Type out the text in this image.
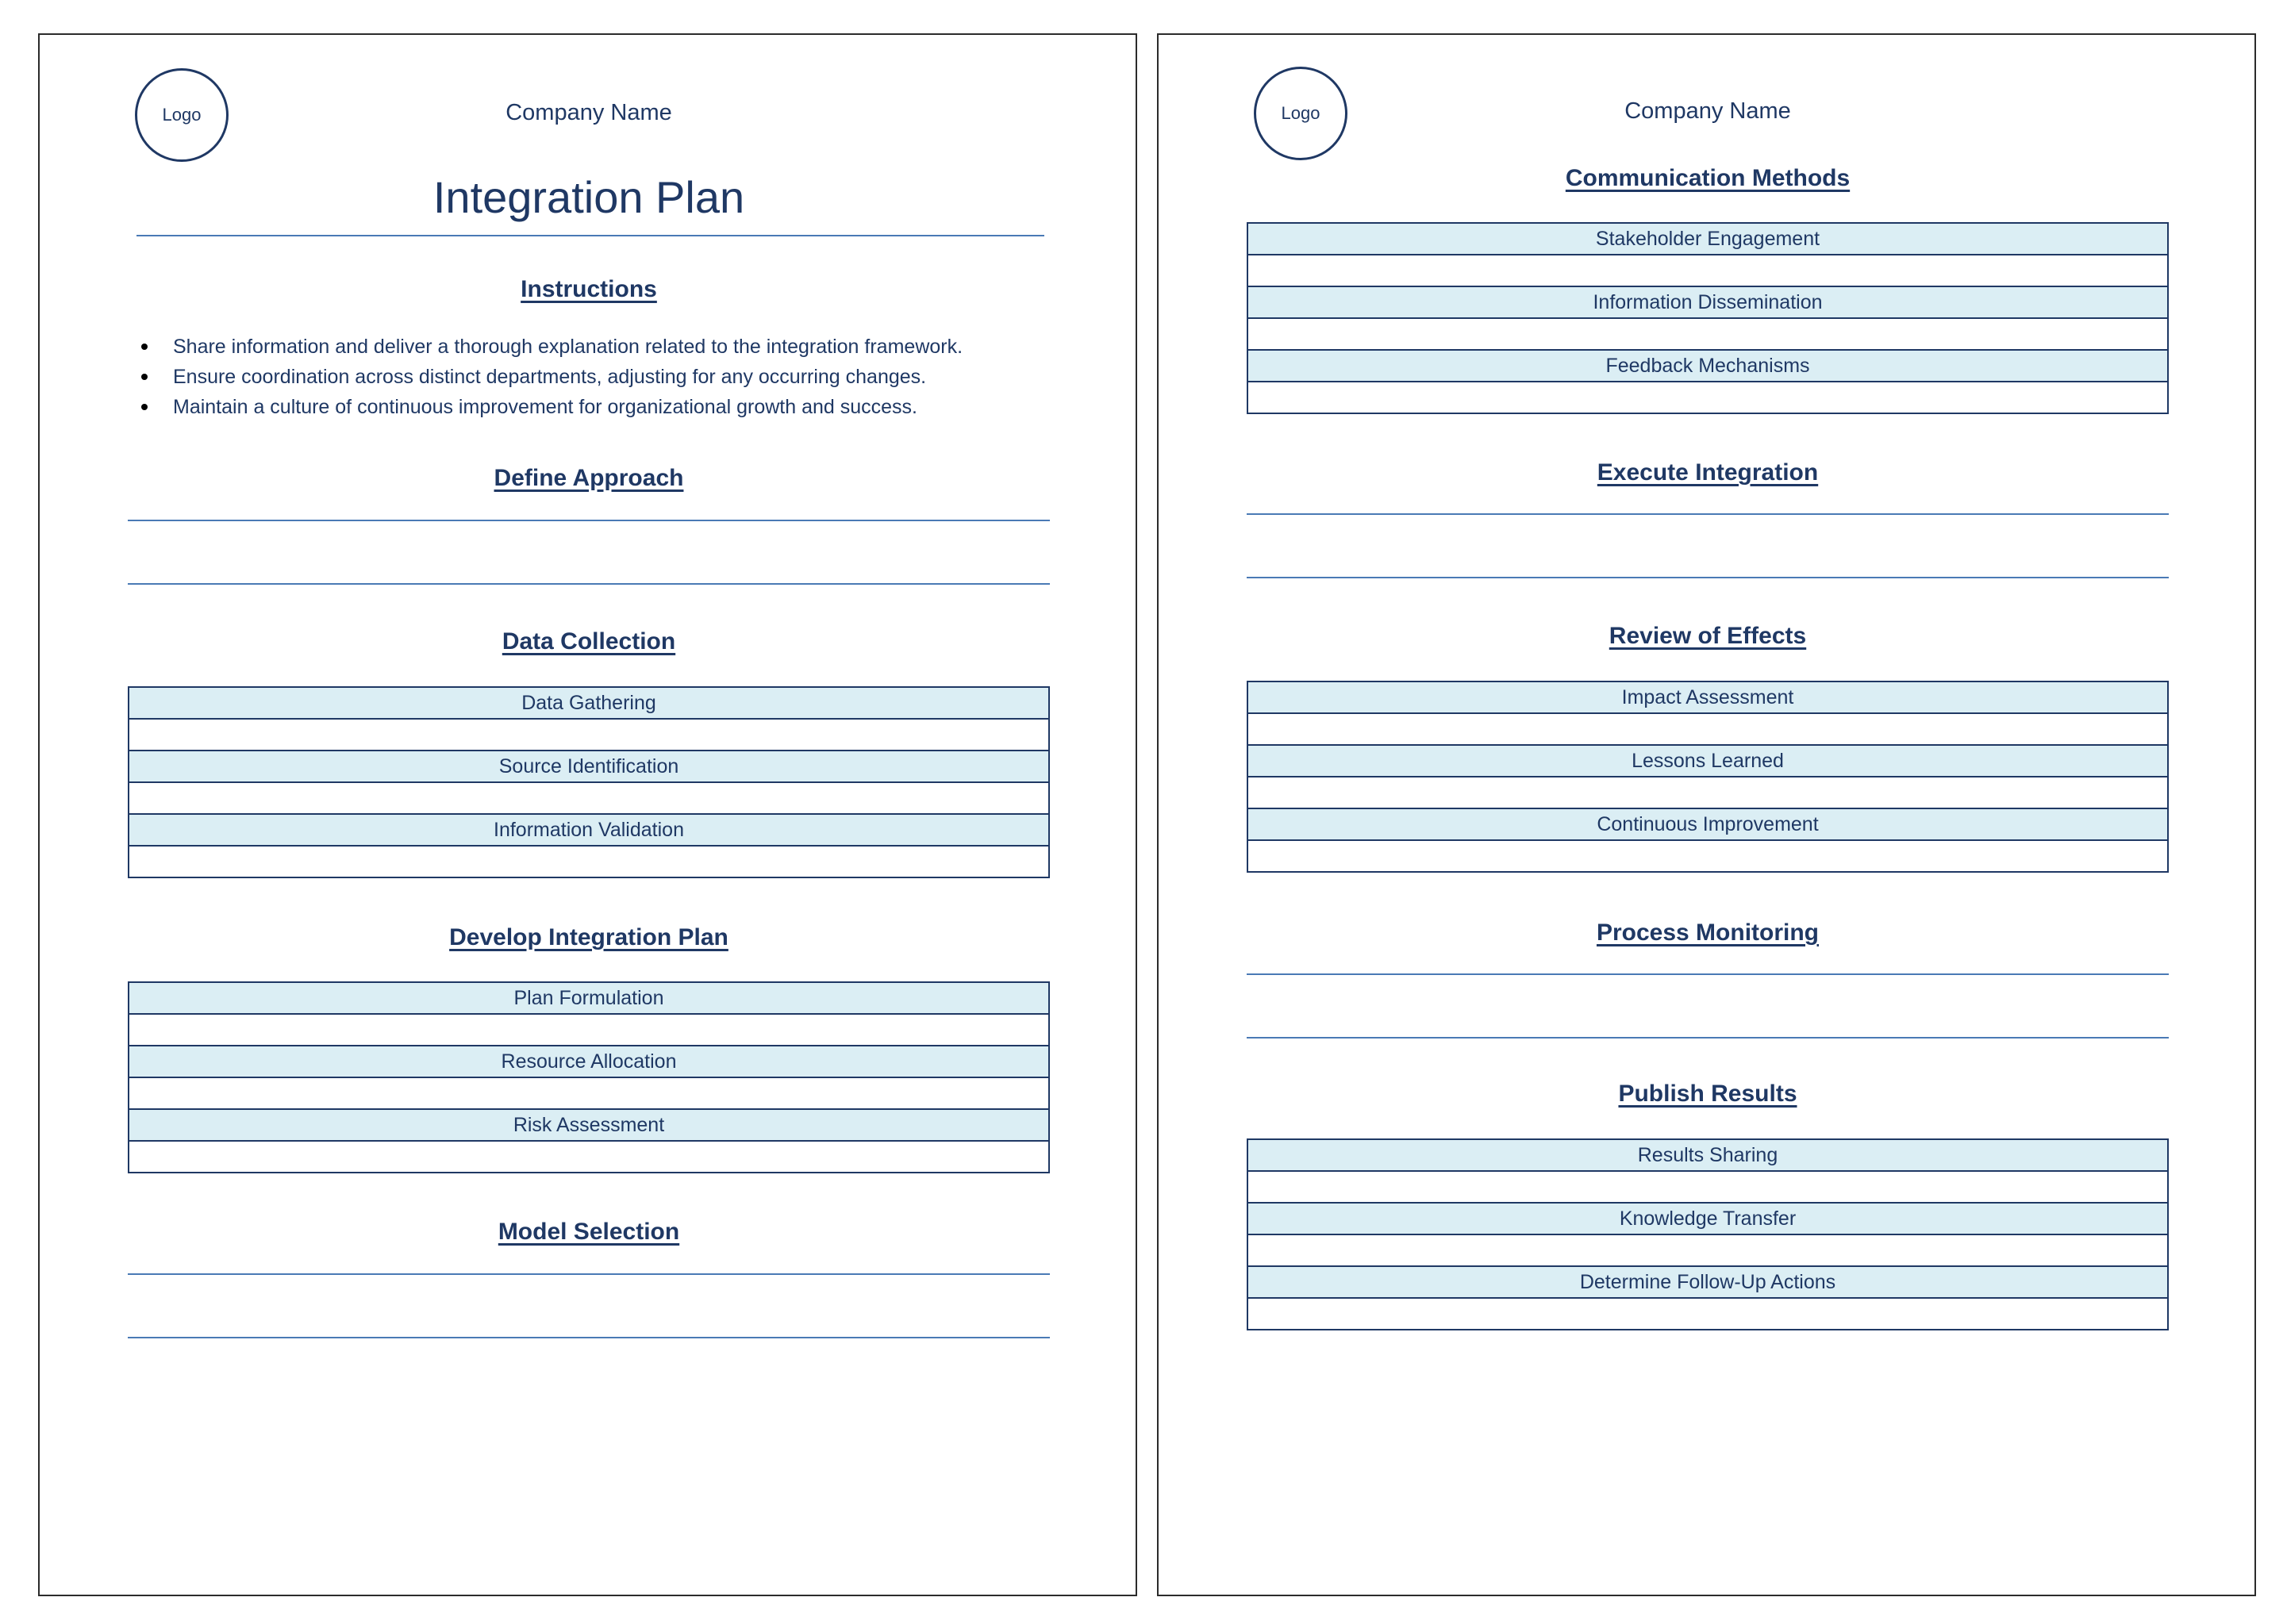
Logo	Company Name
Integration Plan
Instructions
Share information and deliver a thorough explanation related to the integration framework.
Ensure coordination across distinct departments, adjusting for any occurring changes.
Maintain a culture of continuous improvement for organizational growth and success.
Define Approach
Data Collection
Data Gathering
Source Identification
Information Validation
Develop Integration Plan
Plan Formulation
Resource Allocation
Risk Assessment
Model Selection
Logo	Company Name
Communication Methods
Stakeholder Engagement
Information Dissemination
Feedback Mechanisms
Execute Integration
Review of Effects
Impact Assessment
Lessons Learned
Continuous Improvement
Process Monitoring
Publish Results
Results Sharing
Knowledge Transfer
Determine Follow-Up Actions
